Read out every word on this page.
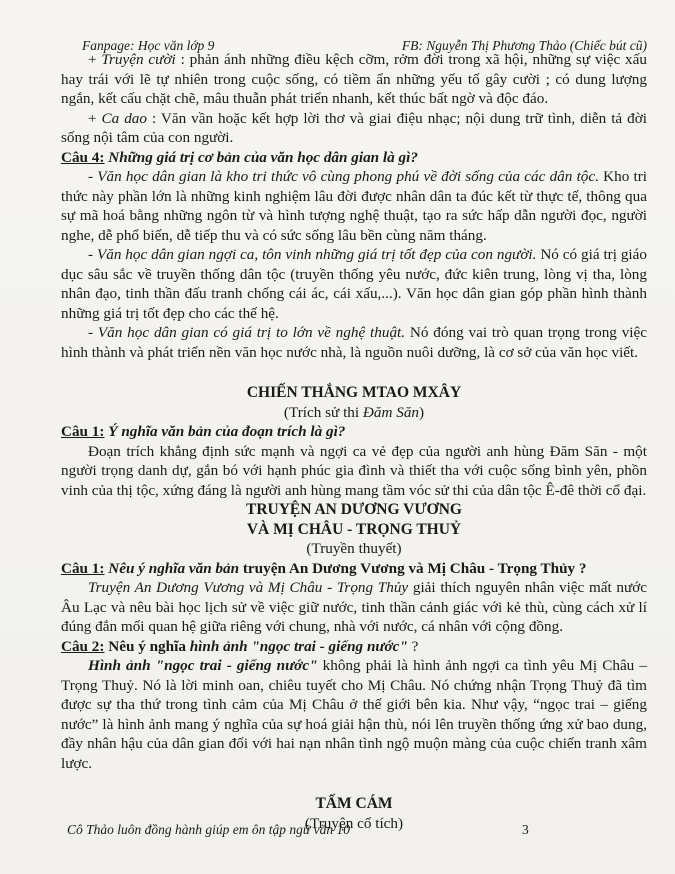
Fanpage: Học văn lớp 9	FB: Nguyễn Thị Phương Thảo (Chiếc bút cũ)

+ Truyện cười : phản ánh những điều kệch cỡm, rởm đời trong xã hội, những sự việc xấu hay trái với lẽ tự nhiên trong cuộc sống, có tiềm ẩn những yếu tố gây cười ; có dung lượng ngắn, kết cấu chặt chẽ, mâu thuẫn phát triển nhanh, kết thúc bất ngờ và độc đáo.

+ Ca dao : Văn vần hoặc kết hợp lời thơ và giai điệu nhạc; nội dung trữ tình, diễn tả đời sống nội tâm của con người.

Câu 4: Những giá trị cơ bản của văn học dân gian là gì?

- Văn học dân gian là kho tri thức vô cùng phong phú về đời sống của các dân tộc. Kho tri thức này phần lớn là những kinh nghiệm lâu đời được nhân dân ta đúc kết từ thực tế, thông qua sự mã hoá bằng những ngôn từ và hình tượng nghệ thuật, tạo ra sức hấp dẫn người đọc, người nghe, dễ phổ biến, dễ tiếp thu và có sức sống lâu bền cùng năm tháng.

- Văn học dân gian ngợi ca, tôn vinh những giá trị tốt đẹp của con người. Nó có giá trị giáo dục sâu sắc về truyền thống dân tộc (truyền thống yêu nước, đức kiên trung, lòng vị tha, lòng nhân đạo, tinh thần đấu tranh chống cái ác, cái xấu,...). Văn học dân gian góp phần hình thành những giá trị tốt đẹp cho các thế hệ.

- Văn học dân gian có giá trị to lớn về nghệ thuật. Nó đóng vai trò quan trọng trong việc hình thành và phát triển nền văn học nước nhà, là nguồn nuôi dưỡng, là cơ sở của văn học viết.

CHIẾN THẮNG MTAO MXÂY

(Trích sử thi Đăm Săn)

Câu 1: Ý nghĩa văn bản của đoạn trích là gì?

Đoạn trích khẳng định sức mạnh và ngợi ca vẻ đẹp của người anh hùng Đăm Săn - một người trọng danh dự, gắn bó với hạnh phúc gia đình và thiết tha với cuộc sống bình yên, phồn vinh của thị tộc, xứng đáng là người anh hùng mang tầm vóc sử thi của dân tộc Ê-đê thời cổ đại.

TRUYỆN AN DƯƠNG VƯƠNG

VÀ MỊ CHÂU - TRỌNG THUỶ

(Truyền thuyết)

Câu 1: Nêu ý nghĩa văn bản truyện An Dương Vương và Mị Châu - Trọng Thủy ?

Truyện An Dương Vương và Mị Châu - Trọng Thủy giải thích nguyên nhân việc mất nước Âu Lạc và nêu bài học lịch sử về việc giữ nước, tinh thần cảnh giác với kẻ thù, cùng cách xử lí đúng đắn mối quan hệ giữa riêng với chung, nhà với nước, cá nhân với cộng đồng.

Câu 2: Nêu ý nghĩa hình ảnh "ngọc trai - giếng nước" ?

Hình ảnh "ngọc trai - giếng nước" không phải là hình ảnh ngợi ca tình yêu Mị Châu – Trọng Thuỷ. Nó là lời minh oan, chiêu tuyết cho Mị Châu. Nó chứng nhận Trọng Thuỷ đã tìm được sự tha thứ trong tình cảm của Mị Châu ở thế giới bên kia. Như vậy, “ngọc trai – giếng nước” là hình ảnh mang ý nghĩa của sự hoá giải hận thù, nói lên truyền thống ứng xử bao dung, đầy nhân hậu của dân gian đối với hai nạn nhân tình ngộ muộn màng của cuộc chiến tranh xâm lược.

TẤM CÁM

(Truyện cổ tích)

Cô Thảo luôn đồng hành giúp em ôn tập ngữ văn 10	3
